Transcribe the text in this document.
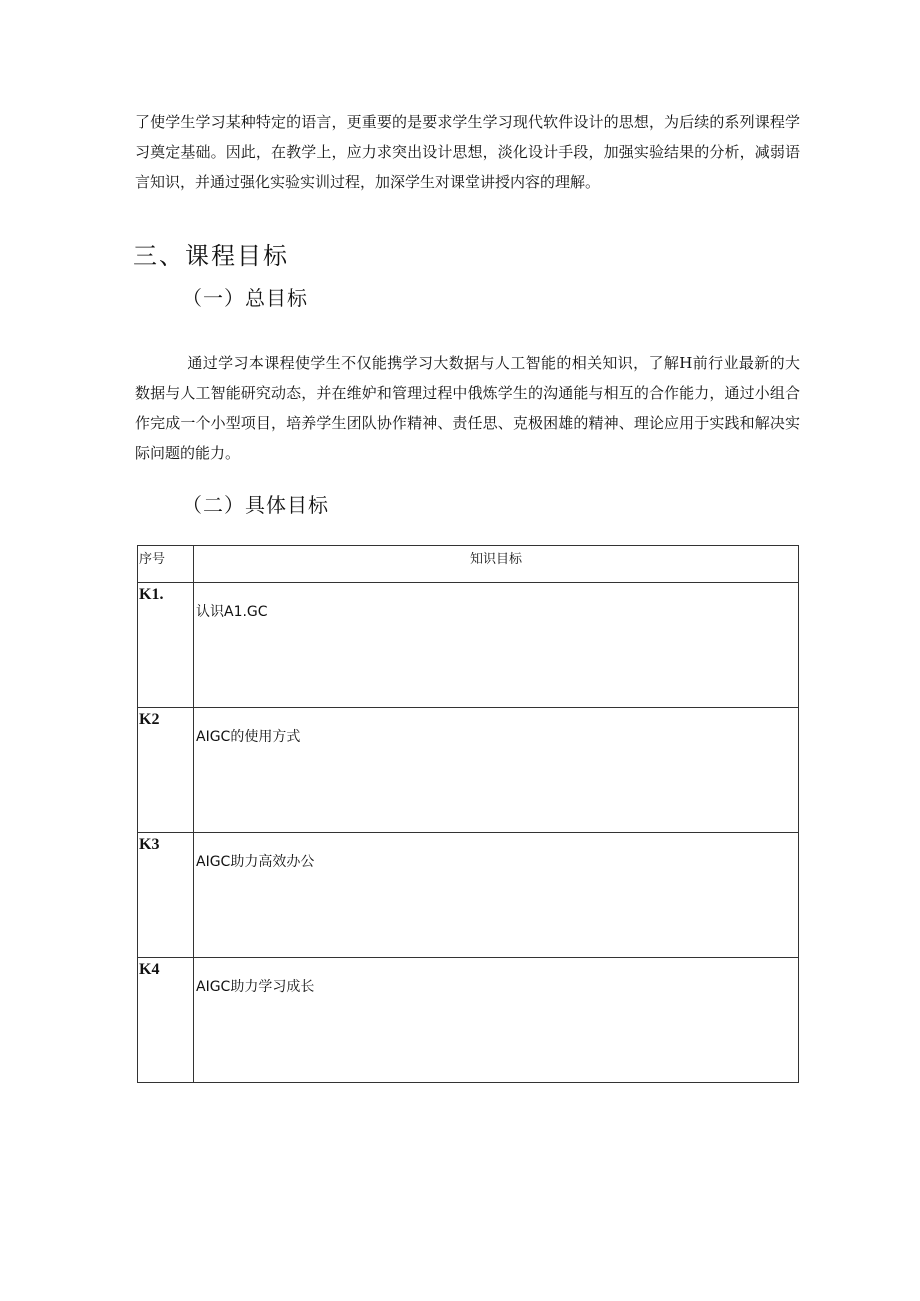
了使学生学习某种特定的语言，更重要的是要求学生学习现代软件设计的思想，为后续的系列课程学习奠定基础。因此，在教学上，应力求突出设计思想，淡化设计手段，加强实验结果的分析，减弱语言知识，并通过强化实验实训过程，加深学生对课堂讲授内容的理解。

三、课程目标
（一）总目标

通过学习本课程使学生不仅能携学习大数据与人工智能的相关知识，了解H前行业最新的大数据与人工智能研究动态，并在维妒和管理过程中俄炼学生的沟通能与相互的合作能力，通过小组合作完成一个小型项目，培养学生团队协作精神、责任思、克极困雄的精神、理论应用于实践和解决实际问题的能力。

（二）具体目标
序号	知识目标
K1.	认识A1.GC
K2	AIGC的使用方式
K3	AIGC助力高效办公
K4	AIGC助力学习成长
